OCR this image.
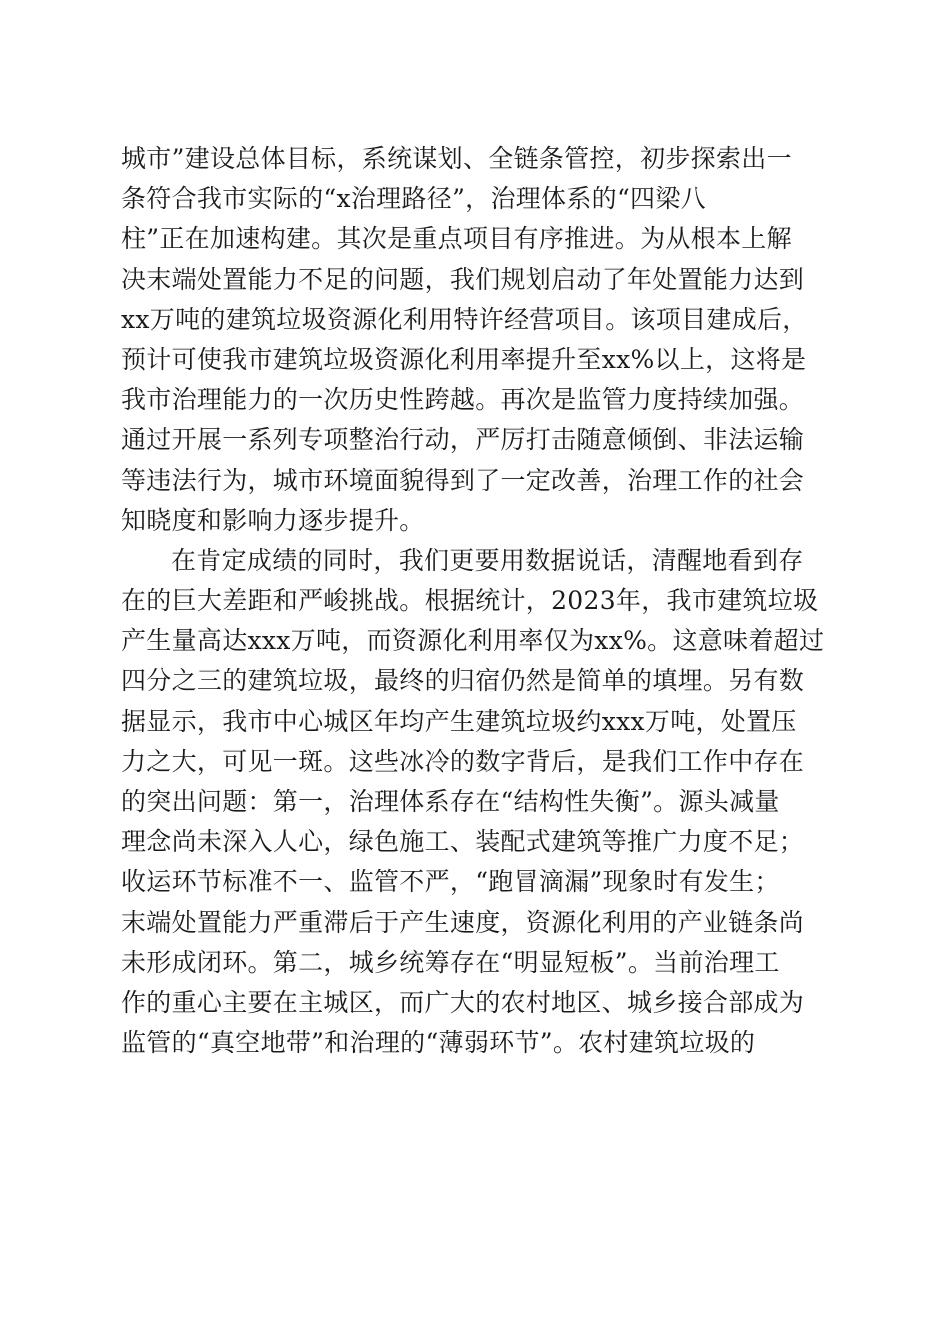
城市”建设总体目标，系统谋划、全链条管控，初步探索出一
条符合我市实际的“x治理路径”，治理体系的“四梁八
柱”正在加速构建。其次是重点项目有序推进。为从根本上解
决末端处置能力不足的问题，我们规划启动了年处置能力达到
xx万吨的建筑垃圾资源化利用特许经营项目。该项目建成后，
预计可使我市建筑垃圾资源化利用率提升至xx%以上，这将是
我市治理能力的一次历史性跨越。再次是监管力度持续加强。
通过开展一系列专项整治行动，严厉打击随意倾倒、非法运输
等违法行为，城市环境面貌得到了一定改善，治理工作的社会
知晓度和影响力逐步提升。
在肯定成绩的同时，我们更要用数据说话，清醒地看到存
在的巨大差距和严峻挑战。根据统计，2023年，我市建筑垃圾
产生量高达xxx万吨，而资源化利用率仅为xx%。这意味着超过
四分之三的建筑垃圾，最终的归宿仍然是简单的填埋。另有数
据显示，我市中心城区年均产生建筑垃圾约xxx万吨，处置压
力之大，可见一斑。这些冰冷的数字背后，是我们工作中存在
的突出问题：第一，治理体系存在“结构性失衡”。源头减量
理念尚未深入人心，绿色施工、装配式建筑等推广力度不足；
收运环节标准不一、监管不严，“跑冒滴漏”现象时有发生；
末端处置能力严重滞后于产生速度，资源化利用的产业链条尚
未形成闭环。第二，城乡统筹存在“明显短板”。当前治理工
作的重心主要在主城区，而广大的农村地区、城乡接合部成为
监管的“真空地带”和治理的“薄弱环节”。农村建筑垃圾的
